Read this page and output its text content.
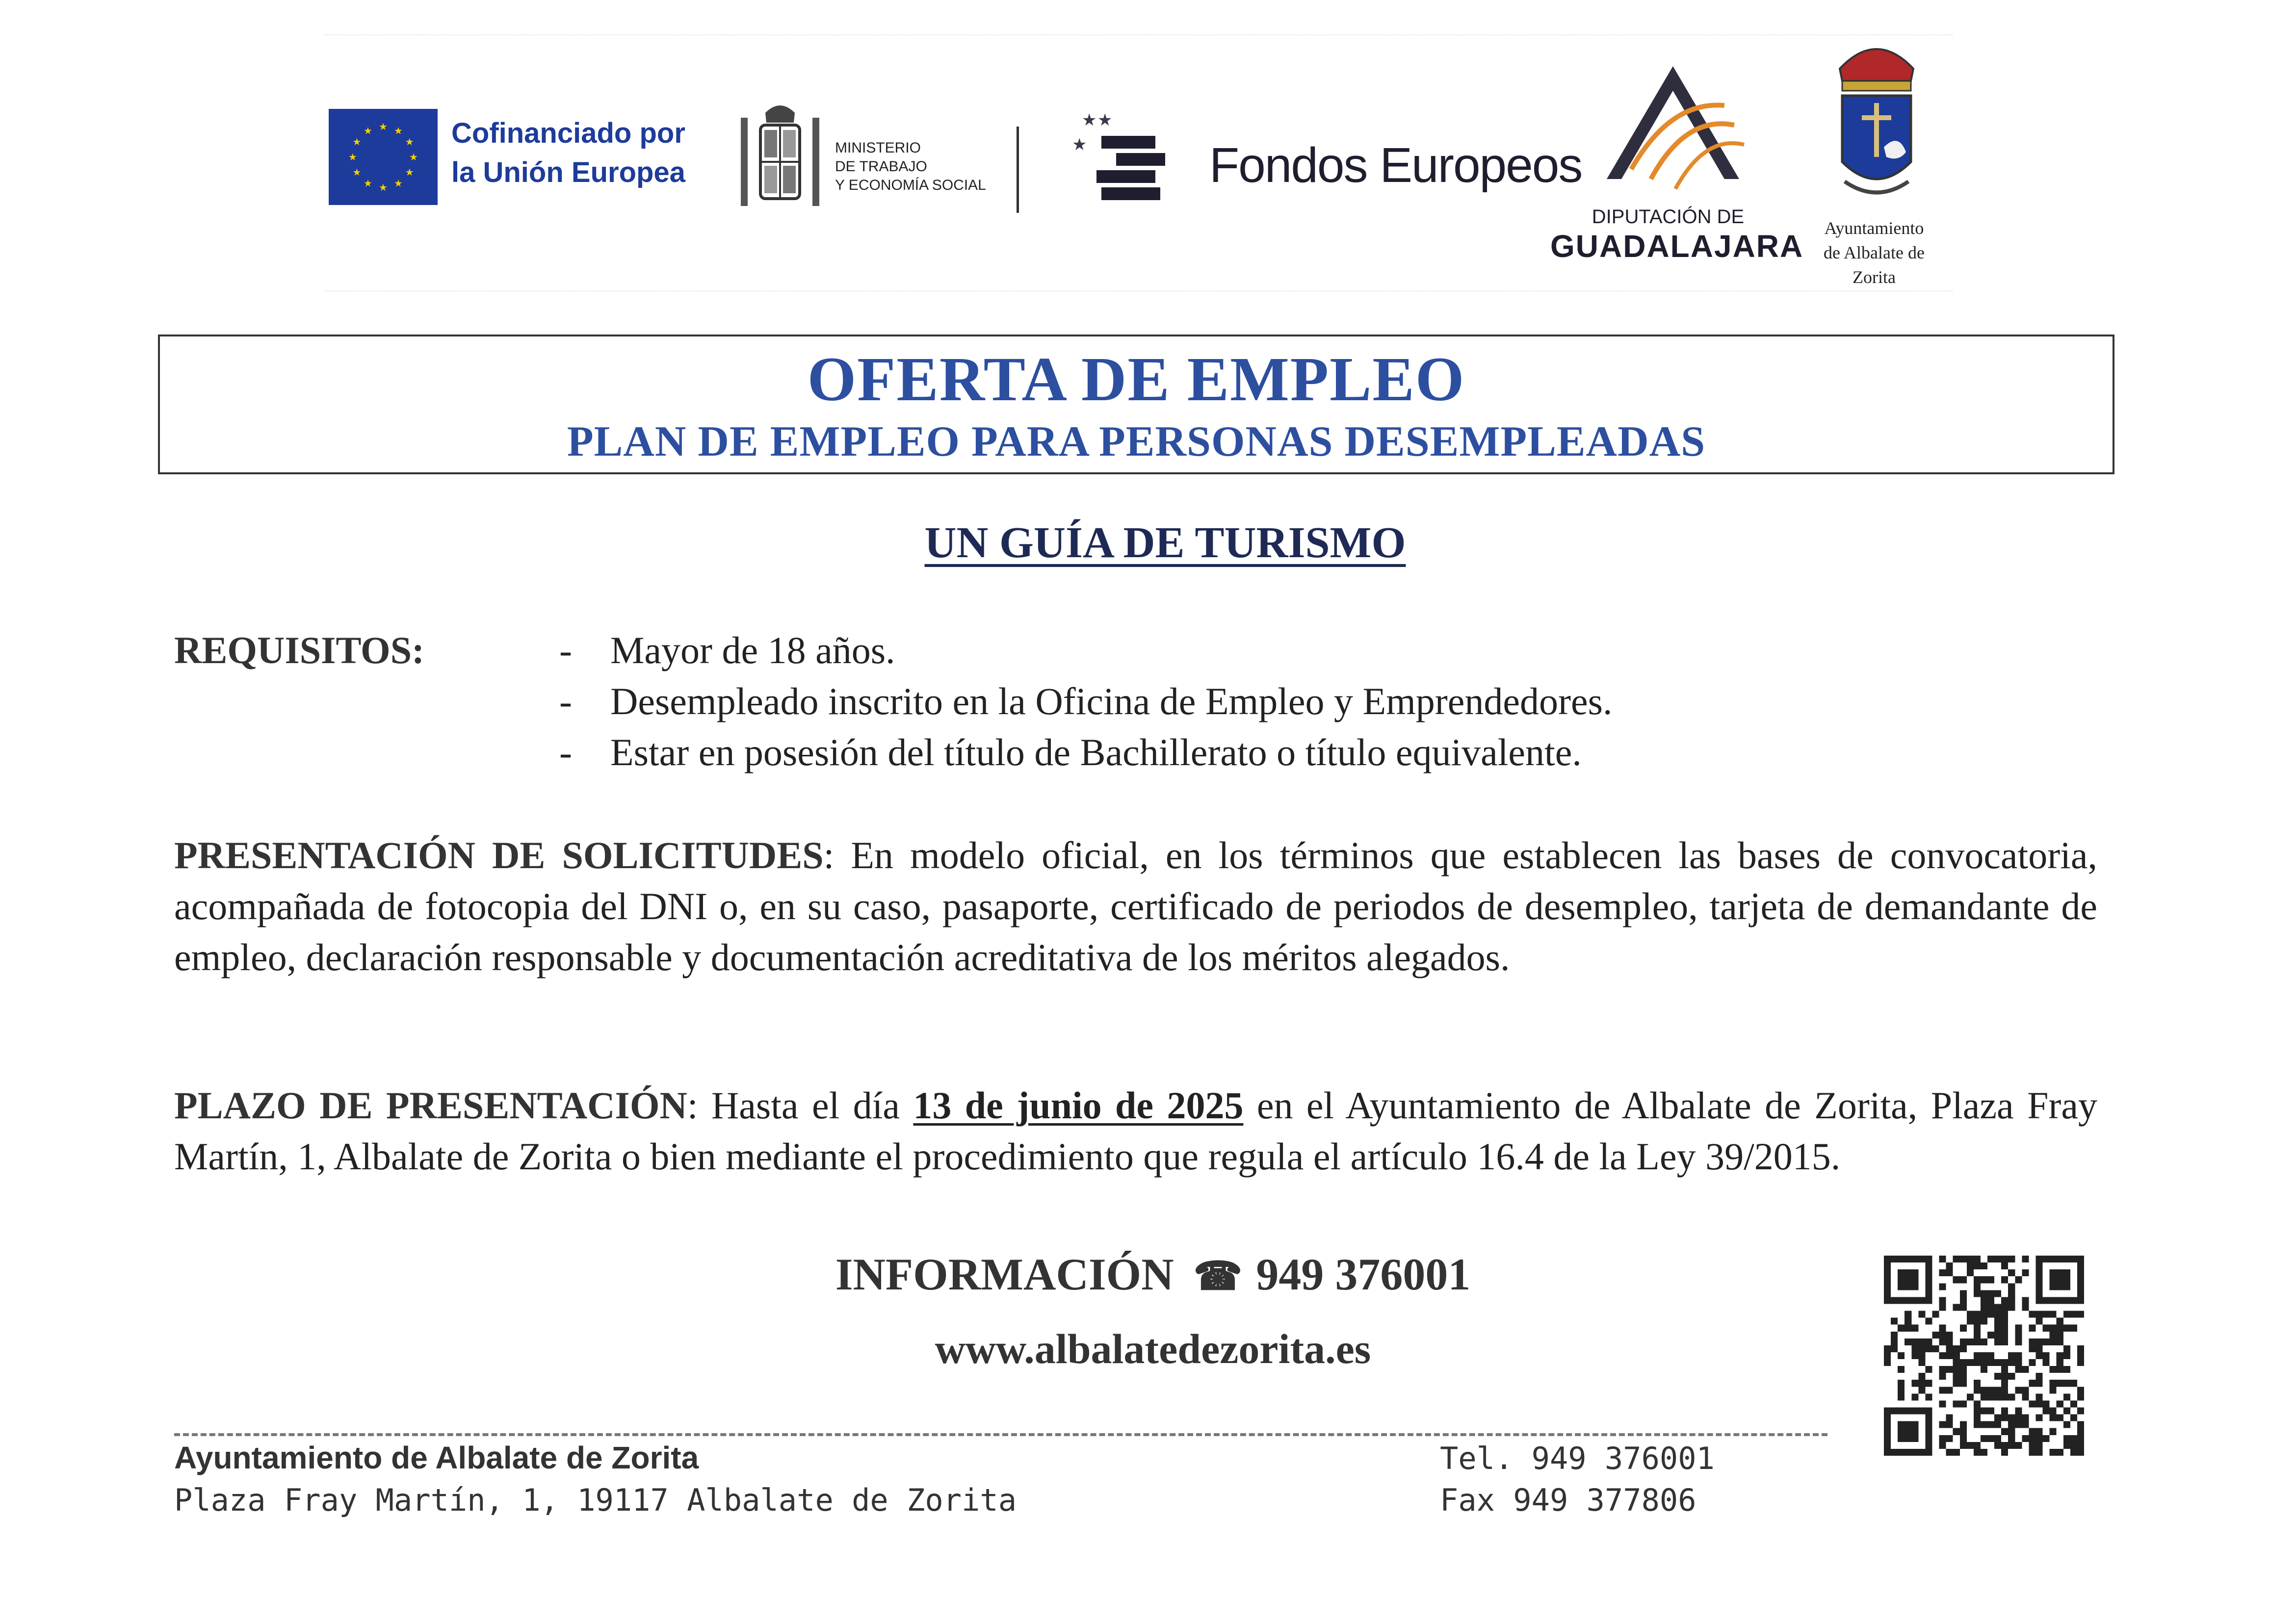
★
★
★
★
★
★
★
★
★ ★ ★
★ Cofinanciado por
la Unión Europea
MINISTERIO
DE TRABAJO
Y ECONOMÍA SOCIAL
★ ★
★ Fondos Europeos
DIPUTACIÓN DE
GUADALAJARA
Ayuntamiento
de Albalate de
Zorita
OFERTA DE EMPLEO
PLAN DE EMPLEO PARA PERSONAS DESEMPLEADAS
UN GUÍA DE TURISMO
REQUISITOS:	- Mayor de 18 años.
- Desempleado inscrito en la Oficina de Empleo y Emprendedores.
- Estar en posesión del título de Bachillerato o título equivalente.
PRESENTACIÓN DE SOLICITUDES: En modelo oficial, en los términos que establecen las bases de convocatoria, acompañada de fotocopia del DNI o, en su caso, pasaporte, certificado de periodos de desempleo, tarjeta de demandante de empleo, declaración responsable y documentación acreditativa de los méritos alegados.
PLAZO DE PRESENTACIÓN: Hasta el día 13 de junio de 2025 en el Ayuntamiento de Albalate de Zorita, Plaza Fray Martín, 1, Albalate de Zorita o bien mediante el procedimiento que regula el artículo 16.4 de la Ley 39/2015.
INFORMACIÓN ☎ 949 376001
www.albalatedezorita.es
Ayuntamiento de Albalate de Zorita
Plaza Fray Martín, 1, 19117 Albalate de Zorita
Tel. 949 376001
Fax 949 377806
